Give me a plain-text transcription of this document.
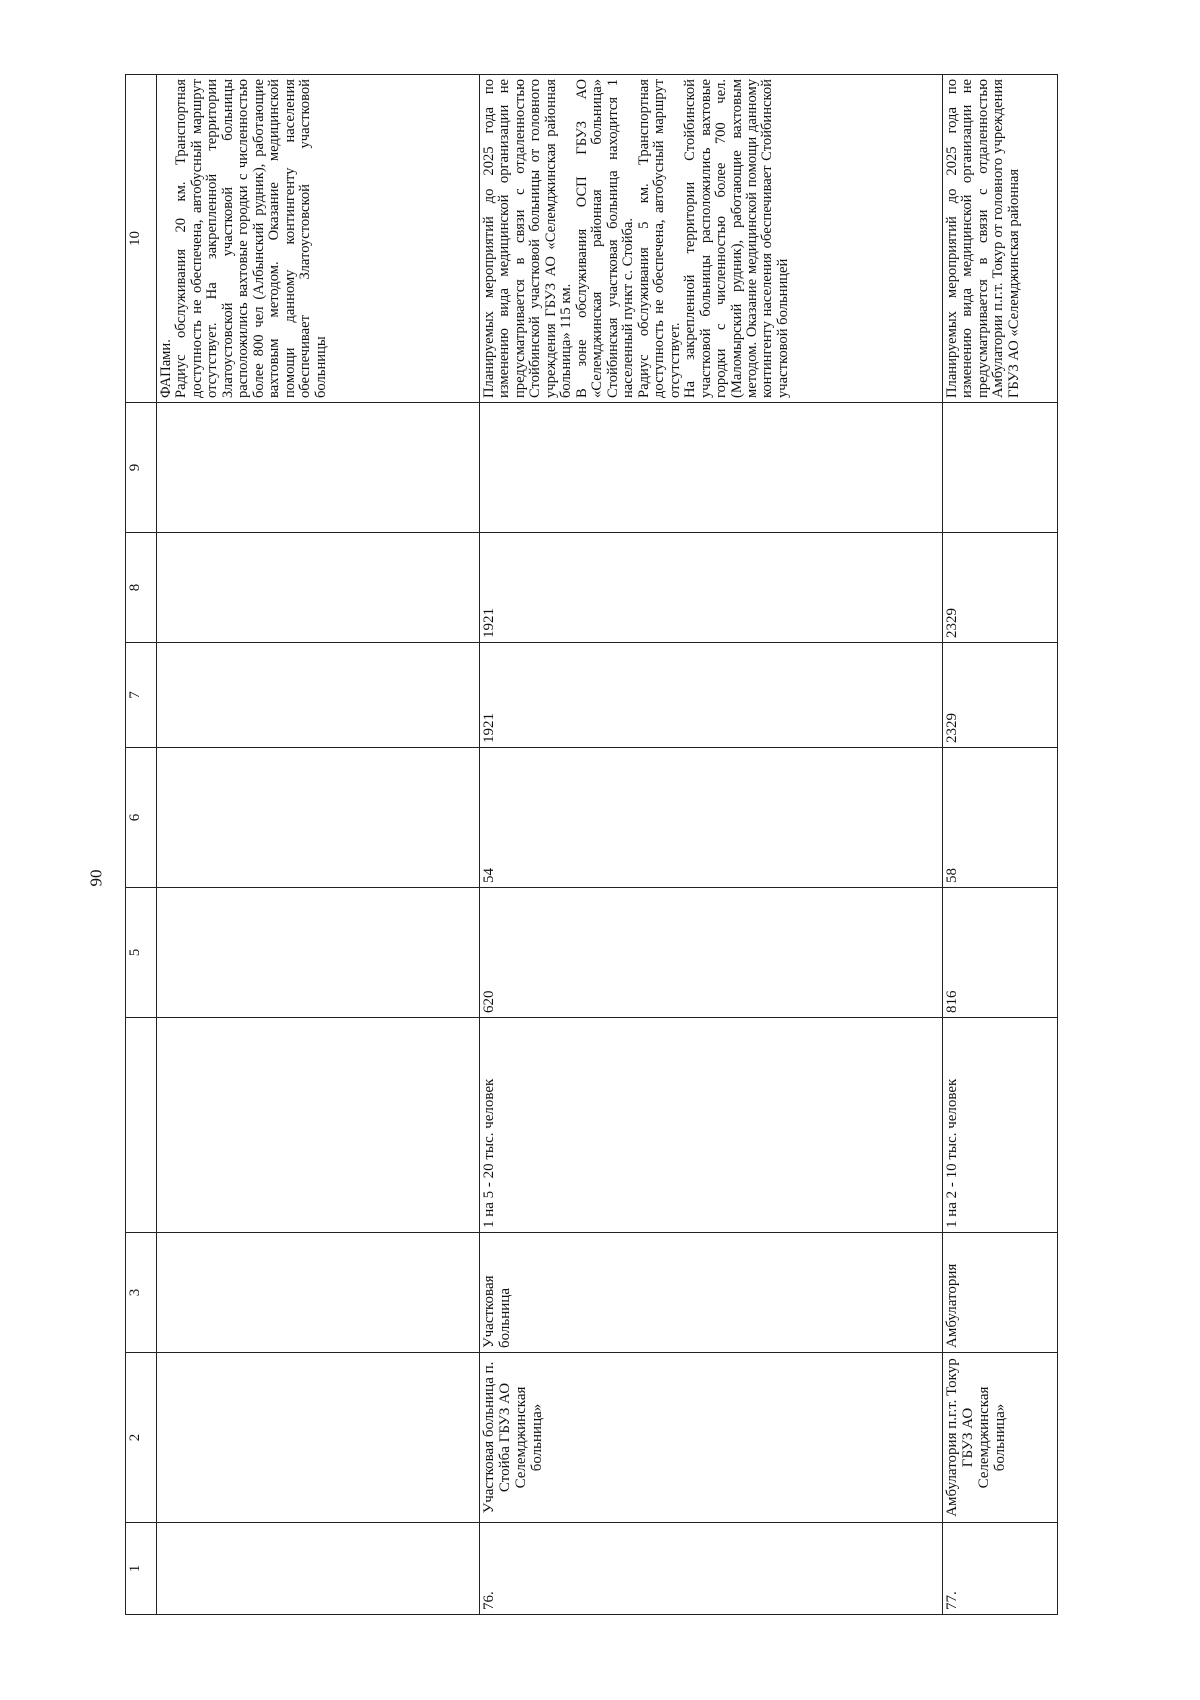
90
1	2	3		5	6	7	8	9	10
									ФАПами.
Радиус обслуживания 20 км. Транспортная доступность не обеспечена, автобусный маршрут отсутствует. На закрепленной территории Златоустовской участковой больницы расположились вахтовые городки с численностью более 800 чел (Албынский рудник), работающие вахтовым методом. Оказание медицинской помощи данному контингенту населения обеспечивает Златоустовской участковой больницы
76.	Участковая больница п. Стойба ГБУЗ АО Селемджинская больница»	Участковая больница	1 на 5 - 20 тыс. человек	620	54	1921	1921		Планируемых мероприятий до 2025 года по изменению вида медицинской организации не предусматривается в связи с отдаленностью Стойбинской участковой больницы от головного учреждения ГБУЗ АО «Селемджинская районная больница» 115 км.
В зоне обслуживания ОСП ГБУЗ АО «Селемджинская районная больница» Стойбинская участковая больница находится 1 населенный пункт с. Стойба.
Радиус обслуживания 5 км. Транспортная доступность не обеспечена, автобусный маршрут отсутствует.
На закрепленной территории Стойбинской участковой больницы расположились вахтовые городки с численностью более 700 чел. (Маломырский рудник), работающие вахтовым методом. Оказание медицинской помощи данному контингенту населения обеспечивает Стойбинской участковой больницей
77.	Амбулатория п.г.т. Токур ГБУЗ АО Селемджинская больница»	Амбулатория	1 на 2 - 10 тыс. человек	816	58	2329	2329		Планируемых мероприятий до 2025 года по изменению вида медицинской организации не предусматривается в связи с отдаленностью Амбулатории п.г.т. Токур от головного учреждения ГБУЗ АО «Селемджинская районная
